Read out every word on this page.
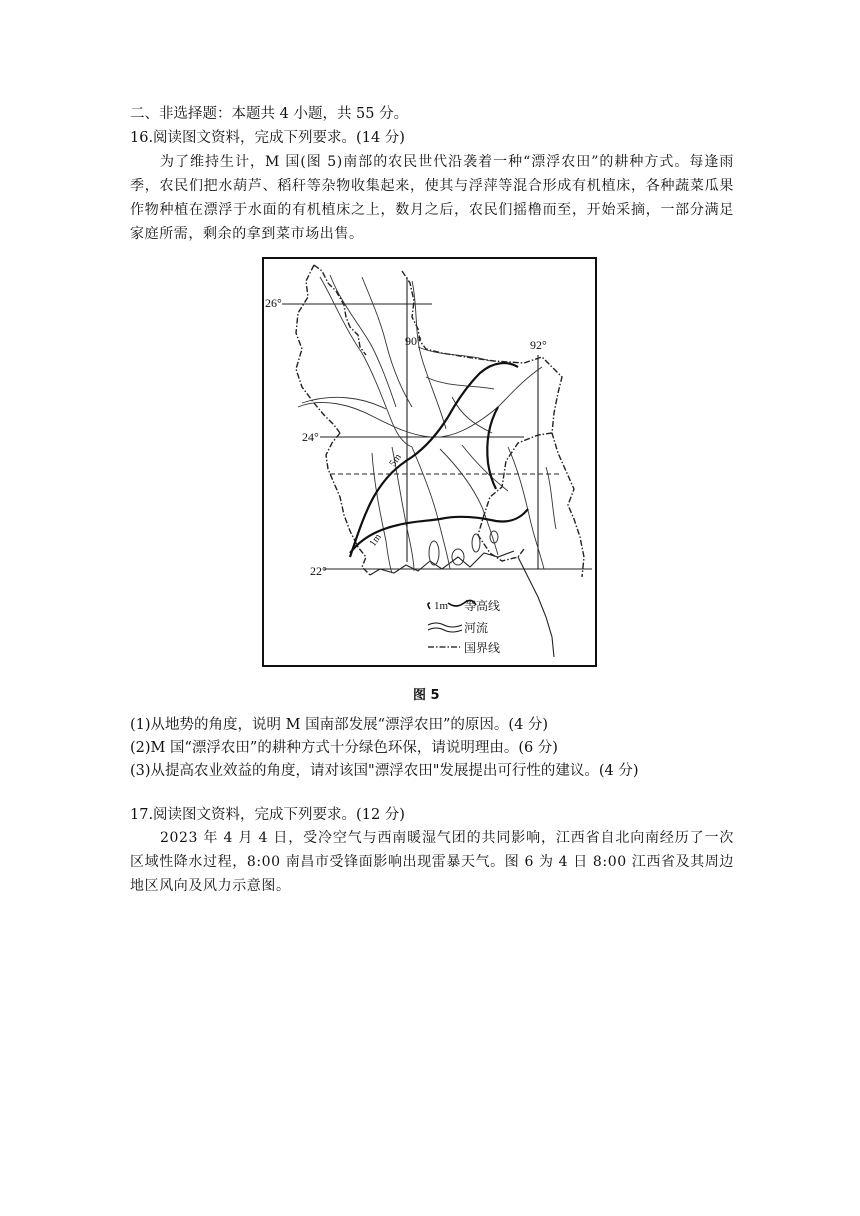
二、非选择题：本题共 4 小题，共 55 分。
16.阅读图文资料，完成下列要求。(14 分)
为了维持生计，M 国(图 5)南部的农民世代沿袭着一种“漂浮农田”的耕种方式。每逢雨季，农民们把水葫芦、稻秆等杂物收集起来，使其与浮萍等混合形成有机植床，各种蔬菜瓜果作物种植在漂浮于水面的有机植床之上，数月之后，农民们摇橹而至，开始采摘，一部分满足家庭所需，剩余的拿到菜市场出售。
26°
24°
22°
90°	92°
5m
1m
1m 等高线
河流
国界线
图 5
(1)从地势的角度，说明 M 国南部发展“漂浮农田”的原因。(4 分)
(2)M 国“漂浮农田”的耕种方式十分绿色环保，请说明理由。(6 分)
(3)从提高农业效益的角度，请对该国"漂浮农田"发展提出可行性的建议。(4 分)
17.阅读图文资料，完成下列要求。(12 分)
2023 年 4 月 4 日，受冷空气与西南暖湿气团的共同影响，江西省自北向南经历了一次区域性降水过程，8:00 南昌市受锋面影响出现雷暴天气。图 6 为 4 日 8:00 江西省及其周边地区风向及风力示意图。
